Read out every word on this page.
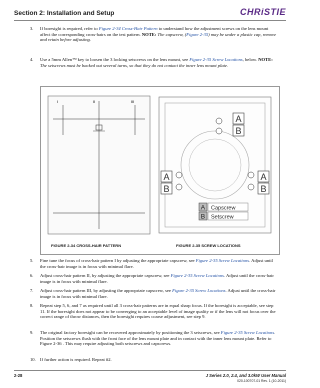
Section 2: Installation and Setup	CHRiSTIE
3. If boresight is required, refer to Figure 2-34 Cross-Hair Pattern to understand how the adjustment screws on the lens mount affect the corresponding cross-hairs on the test pattern. NOTE: The capscrew, (Figure 2-35) may be under a plastic cap, remove and retain before adjusting.
4. Use a 5mm Allen™ key to loosen the 3 locking setscrews on the lens mount, see Figure 2-35 Screw Locations, below. NOTE: The setscrews must be backed out several turns, so that they do not contact the inner lens mount plate.
I	II	III
FIGURE 2-34 CROSS-HAIR PATTERN
A
B
A
B
A
B
A Capscrew
B Setscrew
FIGURE 2-35 SCREW LOCATIONS
5. Fine tune the focus of cross-hair pattern I by adjusting the appropriate capscrew, see Figure 2-35 Screw Locations. Adjust until the cross-hair image is in focus with minimal flare.
6. Adjust cross-hair pattern II, by adjusting the appropriate capscrew, see Figure 2-35 Screw Locations. Adjust until the cross-hair image is in focus with minimal flare.
7. Adjust cross-hair pattern III, by adjusting the appropriate capscrew, see Figure 2-35 Screw Locations. Adjust until the cross-hair image is in focus with minimal flare.
8. Repeat step 5, 6, and 7 as required until all 3 cross-hair patterns are in equal sharp focus. If the boresight is acceptable, see step 11. If the boresight does not appear to be converging to an acceptable level of image quality or if the lens will not focus over the correct range of throw distances, then the boresight requires coarse adjustment, see step 9.
9. The original factory boresight can be recovered approximately by positioning the 3 setscrews, see Figure 2-35 Screw Locations. Position the setscrews flush with the front face of the lens mount plate and in contact with the inner lens mount plate. Refer to Figure 2-36 . This may require adjusting both setscrews and capscrews.
10. If further action is required. Repeat #2.
2-28	J Series 2.0, 2.4, and 3.0kW User Manual
020-100707-01 Rev. 1 (10-2011)
